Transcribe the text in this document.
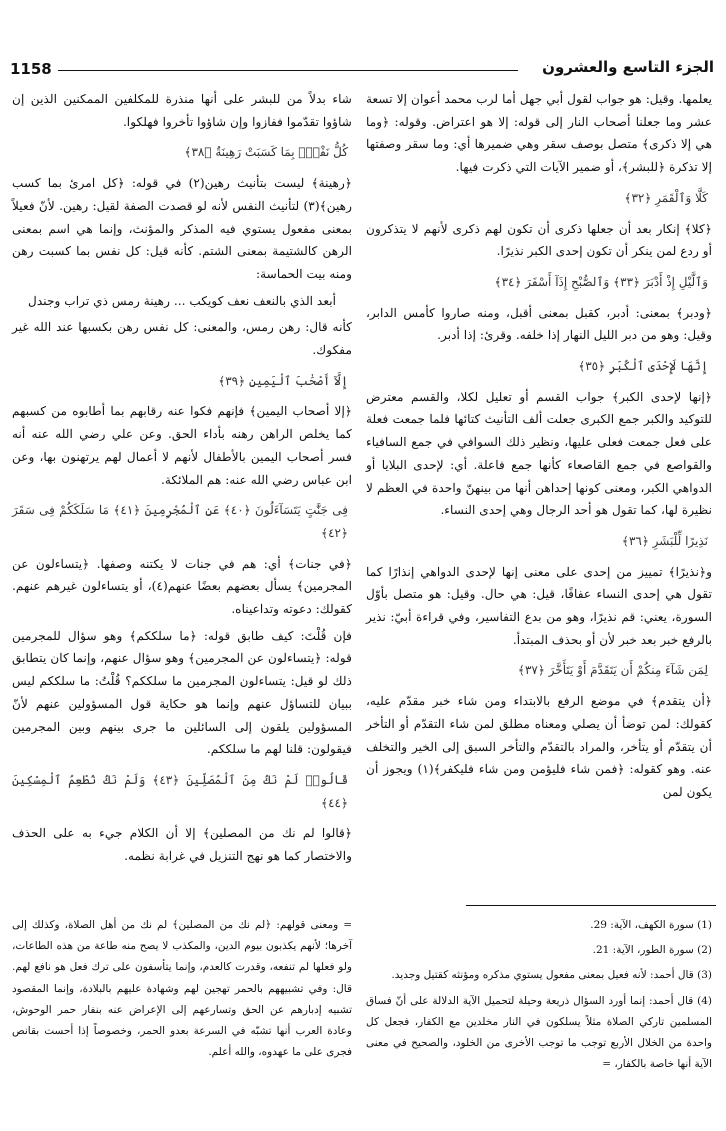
1158	الجزء التاسع والعشرون

يعلمها. وقيل: هو جواب لقول أبي جهل أما لرب محمد أعوان إلا تسعة عشر وما جعلنا أصحاب النار إلى قوله: إلا هو اعتراض. وقوله: ﴿وما هي إلا ذكرى﴾ متصل بوصف سقر وهي ضميرها أي: وما سقر وصفتها إلا تذكرة ﴿للبشر﴾، أو ضمير الآيات التي ذكرت فيها.

كَلَّا وَٱلْقَمَرِ ﴿٣٢﴾

﴿كلا﴾ إنكار بعد أن جعلها ذكرى أن تكون لهم ذكرى لأنهم لا يتذكرون أو ردع لمن ينكر أن تكون إحدى الكبر نذيرًا.

وَٱلَّيْلِ إِذْ أَدْبَرَ ﴿٣٣﴾ وَٱلصُّبْحِ إِذَآ أَسْفَرَ ﴿٣٤﴾

﴿ودبر﴾ بمعنى: أدبر، كقبل بمعنى أقبل، ومنه صاروا كأمس الدابر، وقيل: وهو من دبر الليل النهار إذا خلفه. وقرئ: إذا أدبر.

إِنَّهَا لَإِحْدَى ٱلْكُبَرِ ﴿٣٥﴾

﴿إنها لإحدى الكبر﴾ جواب القسم أو تعليل لكلا، والقسم معترض للتوكيد والكبر جمع الكبرى جعلت ألف التأنيث كتائها فلما جمعت فعلة على فعل جمعت فعلى عليها، ونظير ذلك السوافي في جمع السافياء والقواصع في جمع القاصعاء كأنها جمع فاعلة. أي: لإحدى البلايا أو الدواهي الكبر، ومعنى كونها إحداهن أنها من بينهنّ واحدة في العظم لا نظيرة لها، كما تقول هو أحد الرجال وهي إحدى النساء.

نَذِيرًا لِّلْبَشَرِ ﴿٣٦﴾

و﴿نذيرًا﴾ تمييز من إحدى على معنى إنها لإحدى الدواهي إنذارًا كما تقول هي إحدى النساء عفافًا، قيل: هي حال. وقيل: هو متصل بأوّل السورة، يعني: قم نذيرًا، وهو من بدع التفاسير، وفي قراءة أبيّ: نذير بالرفع خبر بعد خبر لأن أو بحذف المبتدأ.

لِمَن شَآءَ مِنكُمْ أَن يَتَقَدَّمَ أَوْ يَتَأَخَّرَ ﴿٣٧﴾

﴿أن يتقدم﴾ في موضع الرفع بالابتداء ومن شاء خبر مقدّم عليه، كقولك: لمن توضأ أن يصلي ومعناه مطلق لمن شاء التقدّم أو التأخر أن يتقدّم أو يتأخر، والمراد بالتقدّم والتأخر السبق إلى الخير والتخلف عنه. وهو كقوله: ﴿فمن شاء فليؤمن ومن شاء فليكفر﴾(١) ويجوز أن يكون لمن

شاء بدلاً من للبشر على أنها منذرة للمكلفين الممكنين الذين إن شاؤوا تقدّموا ففازوا وإن شاؤوا تأخروا فهلكوا.

كُلُّ نَفْسٍۭ بِمَا كَسَبَتْ رَهِينَةٌ ﴿٣٨﴾

﴿رهينة﴾ ليست بتأنيث رهين(٢) في قوله: ﴿كل امرئ بما كسب رهين﴾(٣) لتأنيث النفس لأنه لو قصدت الصفة لقيل: رهين. لأنّ فعيلاً بمعنى مفعول يستوي فيه المذكر والمؤنث، وإنما هي اسم بمعنى الرهن كالشتيمة بمعنى الشتم. كأنه قيل: كل نفس بما كسبت رهن ومنه بيت الحماسة:

أبعد الذي بالنعف نعف كويكب ... رهينة رمس ذي تراب وجندل

كأنه قال: رهن رمس، والمعنى: كل نفس رهن بكسبها عند الله غير مفكوك.

إِلَّآ أَصْحَٰبَ ٱلْيَمِينِ ﴿٣٩﴾

﴿إلا أصحاب اليمين﴾ فإنهم فكوا عنه رقابهم بما أطابوه من كسبهم كما يخلص الراهن رهنه بأداء الحق. وعن علي رضي الله عنه أنه فسر أصحاب اليمين بالأطفال لأنهم لا أعمال لهم يرتهنون بها، وعن ابن عباس رضي الله عنه: هم الملائكة.

فِى جَنَّٰتٍ يَتَسَآءَلُونَ ﴿٤٠﴾ عَنِ ٱلْمُجْرِمِينَ ﴿٤١﴾ مَا سَلَكَكُمْ فِى سَقَرَ ﴿٤٢﴾

﴿في جنات﴾ أي: هم في جنات لا يكتنه وصفها. ﴿يتساءلون عن المجرمين﴾ يسأل بعضهم بعضًا عنهم(٤)، أو يتساءلون غيرهم عنهم. كقولك: دعوته وتداعيناه.

فإن قُلْتَ: كيف طابق قوله: ﴿ما سلككم﴾ وهو سؤال للمجرمين قوله: ﴿يتساءلون عن المجرمين﴾ وهو سؤال عنهم، وإنما كان يتطابق ذلك لو قيل: يتساءلون المجرمين ما سلككم؟ قُلْتُ: ما سلككم ليس ببيان للتساؤل عنهم وإنما هو حكاية قول المسؤولين عنهم لأنّ المسؤولين يلقون إلى السائلين ما جرى بينهم وبين المجرمين فيقولون: قلنا لهم ما سلككم.

قَالُوا۟ لَمْ نَكُ مِنَ ٱلْمُصَلِّينَ ﴿٤٣﴾ وَلَمْ نَكُ نُطْعِمُ ٱلْمِسْكِينَ ﴿٤٤﴾

﴿قالوا لم نك من المصلين﴾ إلا أن الكلام جيء به على الحذف والاختصار كما هو نهج التنزيل في غرابة نظمه.

(1) سورة الكهف، الآية: 29.

(2) سورة الطور، الآية: 21.

(3) قال أحمد: لأنه فعيل بمعنى مفعول يستوي مذكره ومؤنثه كقتيل وجديد.

(4) قال أحمد: إنما أورد السؤال ذريعة وحيلة لتحميل الآية الدلالة على أنّ فساق المسلمين تاركي الصلاة مثلاً يسلكون في النار مخلدين مع الكفار، فجعل كل واحدة من الخلال الأربع توجب ما توجب الأخرى من الخلود، والصحيح في معنى الآية أنها خاصة بالكفار، =

= ومعنى قولهم: ﴿لم نك من المصلين﴾ لم نك من أهل الصلاة، وكذلك إلى آخرها؛ لأنهم يكذبون بيوم الدين، والمكذب لا يصح منه طاعة من هذه الطاعات، ولو فعلها لم تنفعه، وقدرت كالعدم، وإنما يتأسفون على ترك فعل هو نافع لهم. قال: وفي تشبيههم بالحمر تهجين لهم وشهادة عليهم بالبلادة، وإنما المقصود تشبيه إدبارهم عن الحق وتسارعهم إلى الإعراض عنه بنفار حمر الوحوش، وعادة العرب أنها تشبّه في السرعة بعدو الحمر، وخصوصاً إذا أحست بقانص فجرى على ما عهدوه، والله أعلم.
